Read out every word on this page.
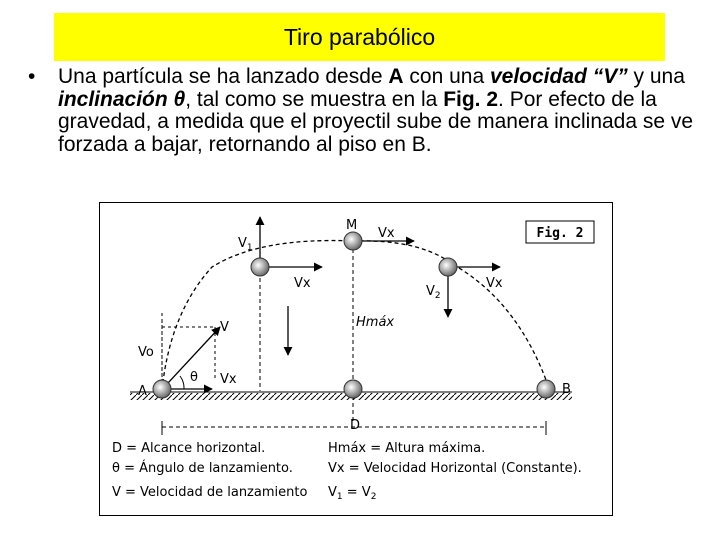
Tiro parabólico
• Una partícula se ha lanzado desde A con una velocidad “V” y una inclinación θ, tal como se muestra en la Fig. 2. Por efecto de la gravedad, a medida que el proyectil sube de manera inclinada se ve forzada a bajar, retornando al piso en B.
Fig. 2
M
Vx
$V_1$
Vx
$V_2$
Vx
Hmáx
V
Vo
θ Vx
A	B
D
D = Alcance horizontal.
θ = Ángulo de lanzamiento.
V = Velocidad de lanzamiento
Hmáx = Altura máxima.
Vx = Velocidad Horizontal (Constante).
$V_1 = V_2$
